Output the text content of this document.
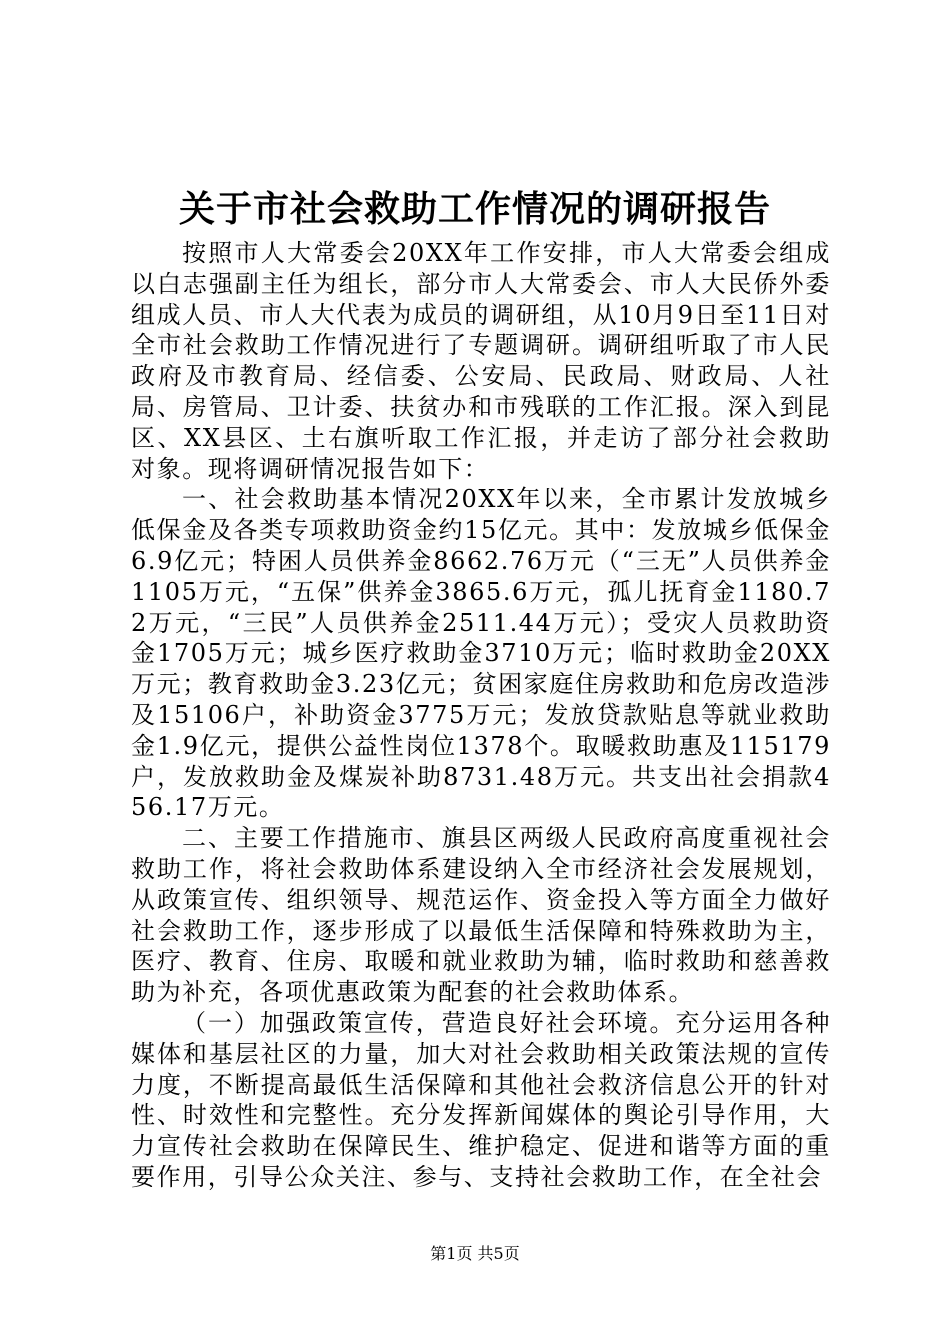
关于市社会救助工作情况的调研报告

按照市人大常委会20XX年工作安排，市人大常委会组成以白志强副主任为组长，部分市人大常委会、市人大民侨外委组成人员、市人大代表为成员的调研组，从10月9日至11日对全市社会救助工作情况进行了专题调研。调研组听取了市人民政府及市教育局、经信委、公安局、民政局、财政局、人社局、房管局、卫计委、扶贫办和市残联的工作汇报。深入到昆区、XX县区、土右旗听取工作汇报，并走访了部分社会救助对象。现将调研情况报告如下：

一、社会救助基本情况20XX年以来，全市累计发放城乡低保金及各类专项救助资金约15亿元。其中：发放城乡低保金6.9亿元；特困人员供养金8662.76万元（“三无”人员供养金1105万元，“五保”供养金3865.6万元，孤儿抚育金1180.72万元，“三民”人员供养金2511.44万元）；受灾人员救助资金1705万元；城乡医疗救助金3710万元；临时救助金20XX万元；教育救助金3.23亿元；贫困家庭住房救助和危房改造涉及15106户，补助资金3775万元；发放贷款贴息等就业救助金1.9亿元，提供公益性岗位1378个。取暖救助惠及115179户，发放救助金及煤炭补助8731.48万元。共支出社会捐款456.17万元。

二、主要工作措施市、旗县区两级人民政府高度重视社会救助工作，将社会救助体系建设纳入全市经济社会发展规划，从政策宣传、组织领导、规范运作、资金投入等方面全力做好社会救助工作，逐步形成了以最低生活保障和特殊救助为主，医疗、教育、住房、取暖和就业救助为辅，临时救助和慈善救助为补充，各项优惠政策为配套的社会救助体系。

（一）加强政策宣传，营造良好社会环境。充分运用各种媒体和基层社区的力量，加大对社会救助相关政策法规的宣传力度，不断提高最低生活保障和其他社会救济信息公开的针对性、时效性和完整性。充分发挥新闻媒体的舆论引导作用，大力宣传社会救助在保障民生、维护稳定、促进和谐等方面的重要作用，引导公众关注、参与、支持社会救助工作，在全社会

第1页 共5页
